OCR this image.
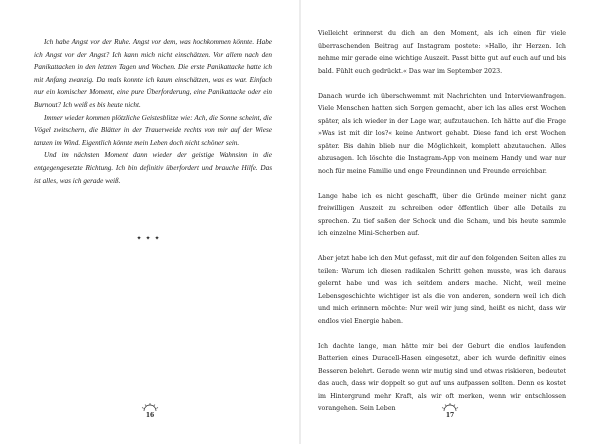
Ich habe Angst vor der Ruhe. Angst vor dem, was hochkommen könnte. Habe ich Angst vor der Angst? Ich kann mich nicht einschätzen. Vor allem nach den Panikattacken in den letzten Tagen und Wochen. Die erste Panikattacke hatte ich mit Anfang zwanzig. Da mals konnte ich kaum einschätzen, was es war. Einfach nur ein komischer Moment, eine pure Überforderung, eine Panikattacke oder ein Burnout? Ich weiß es bis heute nicht.

Immer wieder kommen plötzliche Geistesblitze wie: Ach, die Sonne scheint, die Vögel zwitschern, die Blätter in der Trauerweide rechts von mir auf der Wiese tanzen im Wind. Eigentlich könnte mein Leben doch nicht schöner sein.

Und im nächsten Moment dann wieder der geistige Wahnsinn in die entgegengesetzte Richtung. Ich bin definitiv überfordert und brauche Hilfe. Das ist alles, was ich gerade weiß.

✦✦✦
16

Vielleicht erinnerst du dich an den Moment, als ich einen für viele überraschenden Beitrag auf Instagram postete: »Hallo, ihr Herzen. Ich nehme mir gerade eine wichtige Auszeit. Passt bitte gut auf euch auf und bis bald. Fühlt euch gedrückt.« Das war im September 2023.

Danach wurde ich überschwemmt mit Nachrichten und Interviewanfragen. Viele Menschen hatten sich Sorgen gemacht, aber ich las alles erst Wochen später, als ich wieder in der Lage war, aufzutauchen. Ich hätte auf die Frage »Was ist mit dir los?« keine Antwort gehabt. Diese fand ich erst Wochen später. Bis dahin blieb nur die Möglichkeit, komplett abzutauchen. Alles abzusagen. Ich löschte die Instagram-App von meinem Handy und war nur noch für meine Familie und enge Freundinnen und Freunde erreichbar.

Lange habe ich es nicht geschafft, über die Gründe meiner nicht ganz freiwilligen Auszeit zu schreiben oder öffentlich über alle Details zu sprechen. Zu tief saßen der Schock und die Scham, und bis heute sammle ich einzelne Mini-Scherben auf.

Aber jetzt habe ich den Mut gefasst, mit dir auf den folgenden Seiten alles zu teilen: Warum ich diesen radikalen Schritt gehen musste, was ich daraus gelernt habe und was ich seitdem anders mache. Nicht, weil meine Lebensgeschichte wichtiger ist als die von anderen, sondern weil ich dich und mich erinnern möchte: Nur weil wir jung sind, heißt es nicht, dass wir endlos viel Energie haben.

Ich dachte lange, man hätte mir bei der Geburt die endlos laufenden Batterien eines Duracell-Hasen eingesetzt, aber ich wurde definitiv eines Besseren belehrt. Gerade wenn wir mutig sind und etwas riskieren, bedeutet das auch, dass wir doppelt so gut auf uns aufpassen sollten. Denn es kostet im Hintergrund mehr Kraft, als wir oft merken, wenn wir entschlossen vorangehen. Sein Leben

17
